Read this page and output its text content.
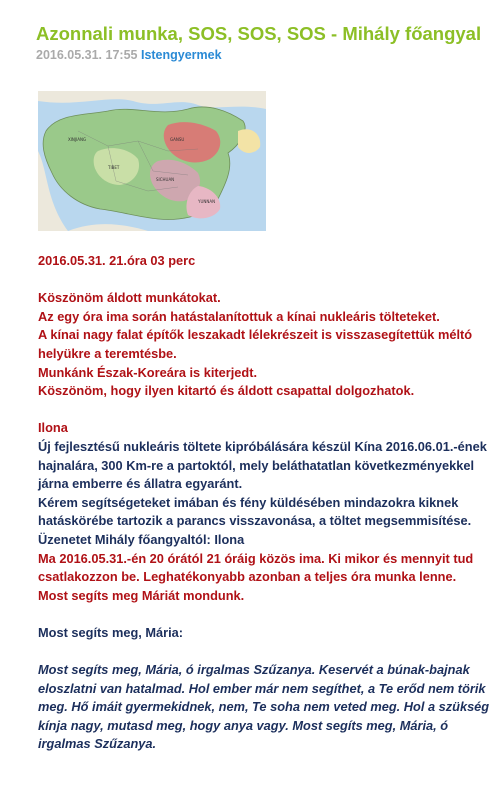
Azonnali munka, SOS, SOS, SOS - Mihály főangyal
2016.05.31. 17:55 Istengyermek
XINJIANG
TIBET
GANSU
SICHUAN
YUNNAN

2016.05.31. 21.óra 03 perc

Köszönöm áldott munkátokat.

Az egy óra ima során hatástalanítottuk a kínai nukleáris tölteteket.

A kínai nagy falat építők leszakadt lélekrészeit is visszasegítettük méltó helyükre a teremtésbe.

Munkánk Észak-Koreára is kiterjedt.

Köszönöm, hogy ilyen kitartó és áldott csapattal dolgozhatok.

Ilona

Új fejlesztésű nukleáris töltete kipróbálására készül Kína 2016.06.01.-ének hajnalára, 300 Km-re a partoktól, mely beláthatatlan következményekkel járna emberre és állatra egyaránt.

Kérem segítségeteket imában és fény küldésében mindazokra kiknek hatáskörébe tartozik a parancs visszavonása, a töltet megsemmisítése.

Üzenetet Mihály főangyaltól: Ilona

Ma 2016.05.31.-én 20 órától 21 óráig közös ima. Ki mikor és mennyit tud csatlakozzon be. Leghatékonyabb azonban a teljes óra munka lenne.

Most segíts meg Máriát mondunk.

Most segíts meg, Mária:

Most segíts meg, Mária, ó irgalmas Szűzanya. Keservét a búnak-bajnak eloszlatni van hatalmad. Hol ember már nem segíthet, a Te erőd nem törik meg. Hő imáit gyermekidnek, nem, Te soha nem veted meg. Hol a szükség kínja nagy, mutasd meg, hogy anya vagy. Most segíts meg, Mária, ó irgalmas Szűzanya.
